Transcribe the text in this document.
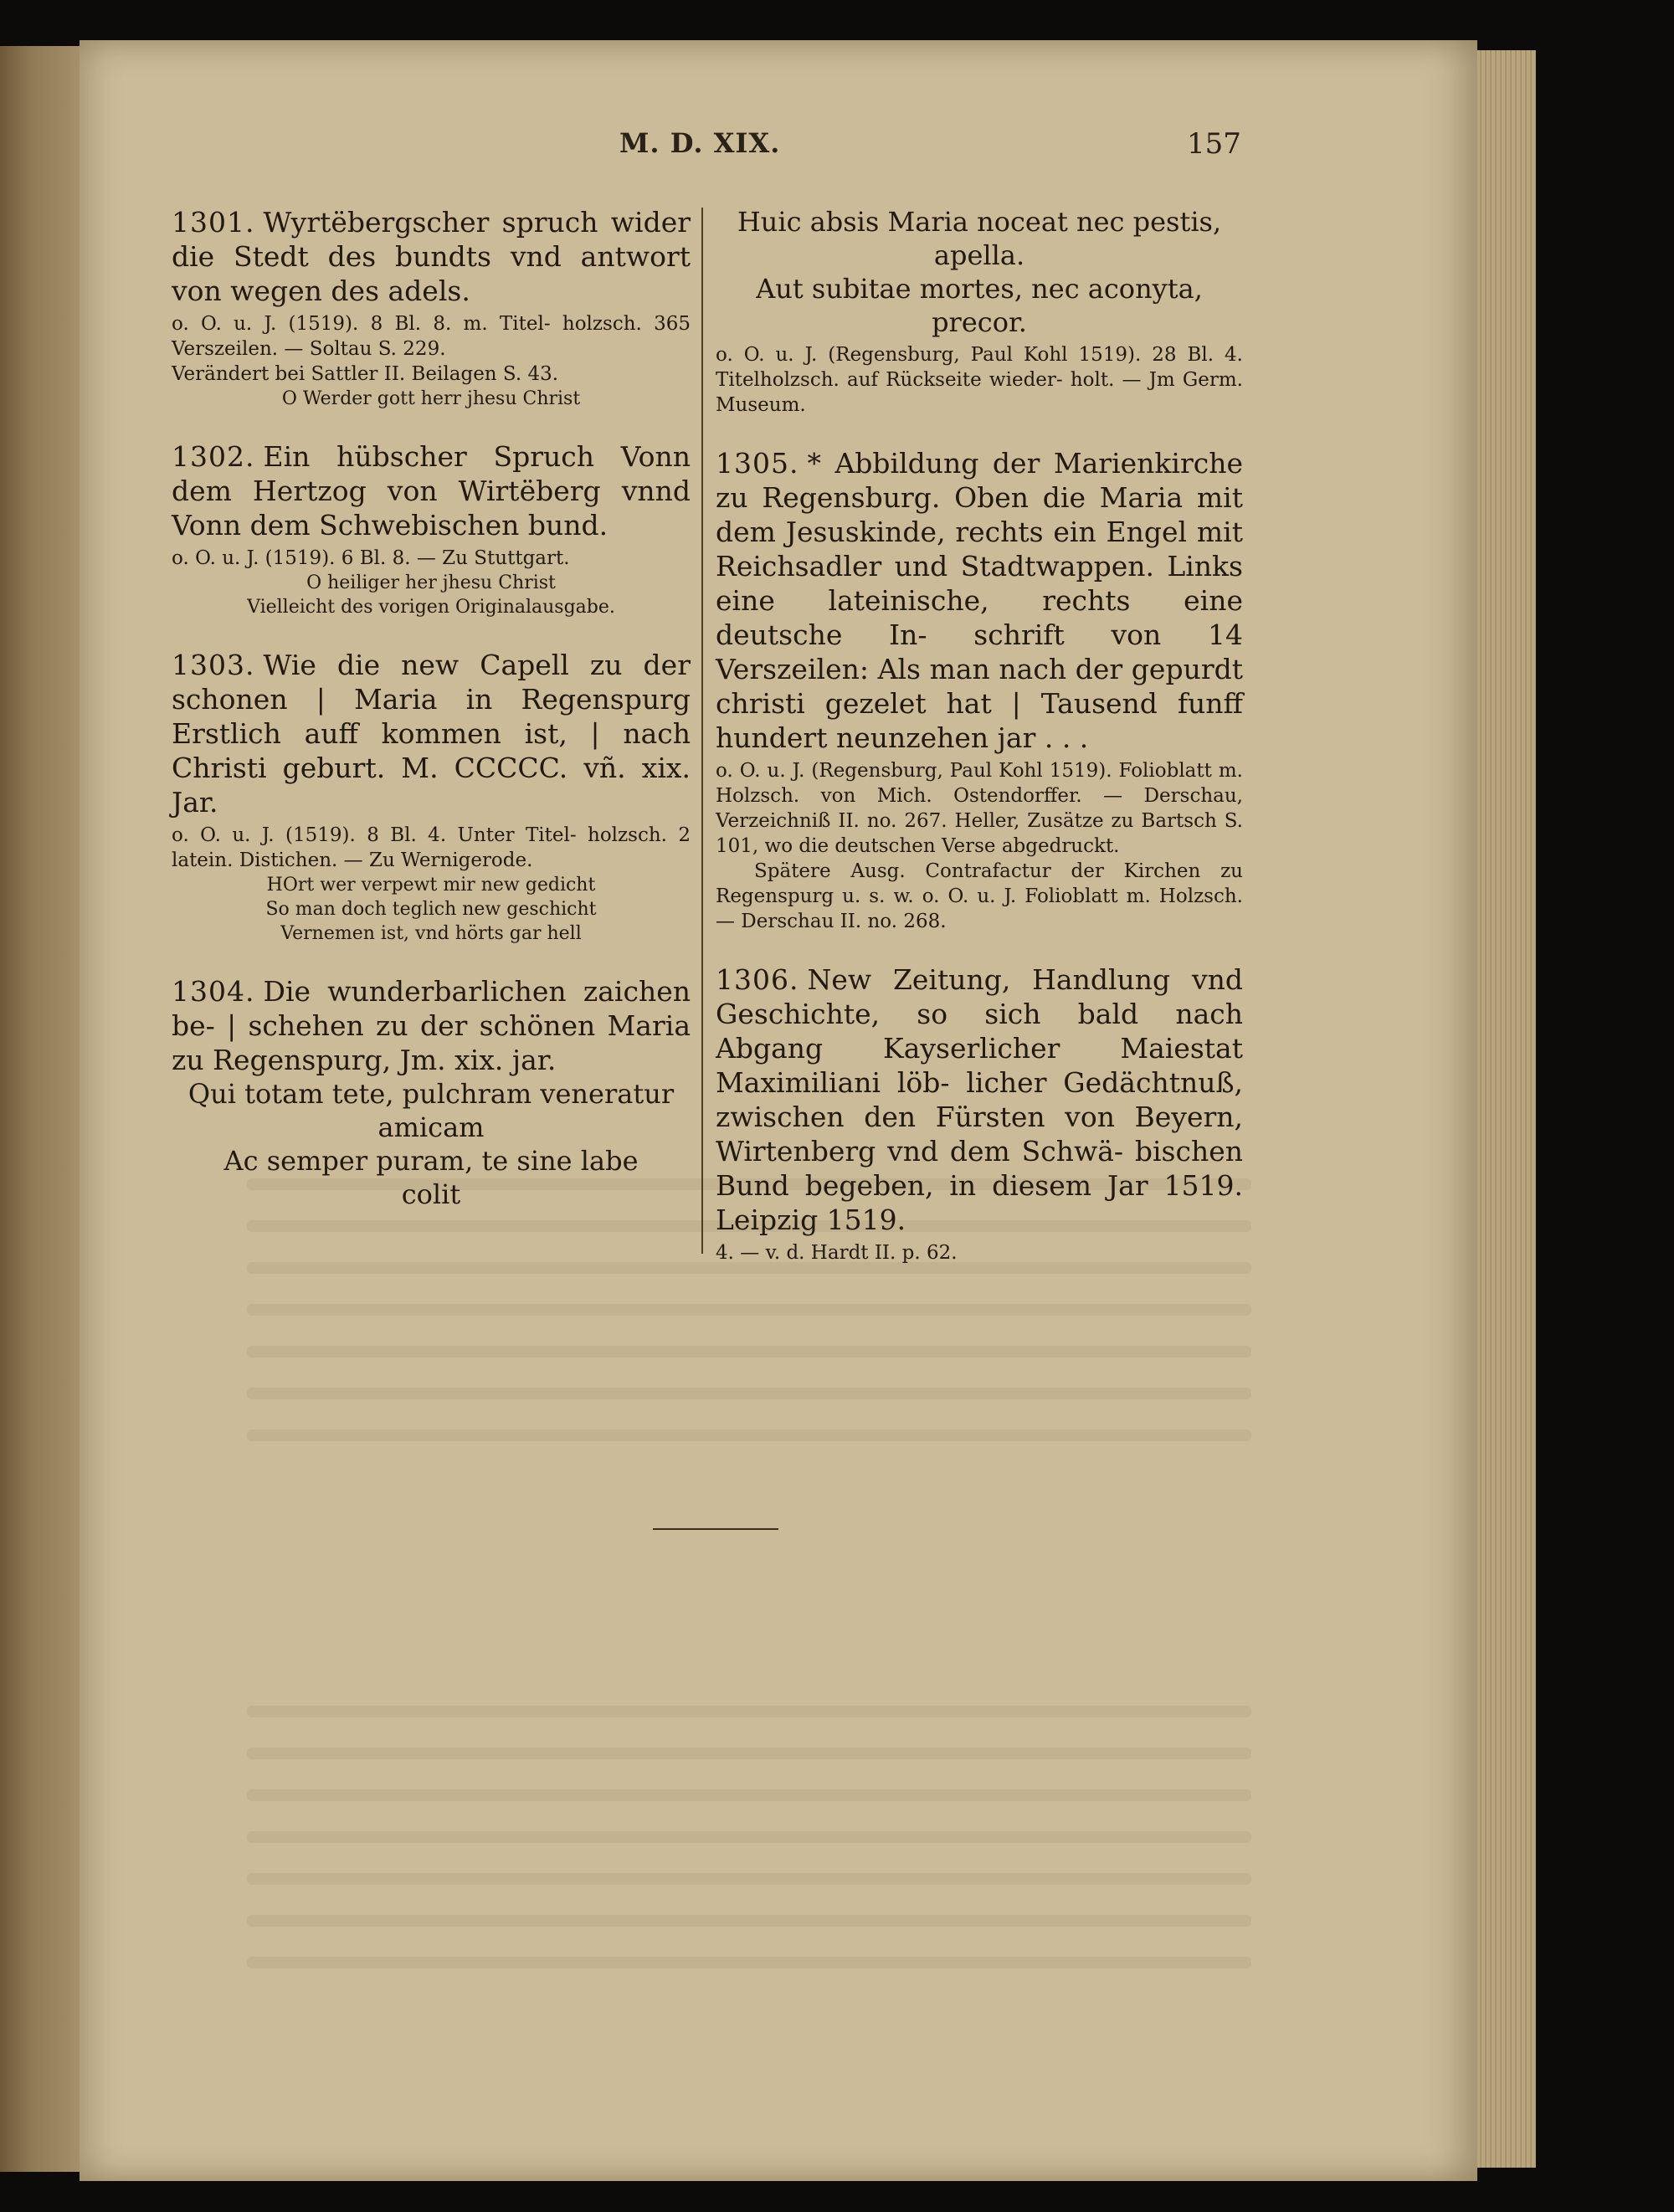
M. D. XIX.	157

1301. Wyrtëbergscher spruch wider die Stedt des bundts vnd antwort von wegen des adels.

o. O. u. J. (1519). 8 Bl. 8. m. Titel- holzsch. 365 Verszeilen. — Soltau S. 229.

Verändert bei Sattler II. Beilagen S. 43.

O Werder gott herr jhesu Christ

1302. Ein hübscher Spruch Vonn dem Hertzog von Wirtëberg vnnd Vonn dem Schwebischen bund.

o. O. u. J. (1519). 6 Bl. 8. — Zu Stuttgart.

O heiliger her jhesu Christ

Vielleicht des vorigen Originalausgabe.

1303. Wie die new Capell zu der schonen | Maria in Regenspurg Erstlich auff kommen ist, | nach Christi geburt. M. CCCCC. vñ. xix. Jar.

o. O. u. J. (1519). 8 Bl. 4. Unter Titel- holzsch. 2 latein. Distichen. — Zu Wernigerode.

HOrt wer verpewt mir new gedicht

So man doch teglich new geschicht

Vernemen ist, vnd hörts gar hell

1304. Die wunderbarlichen zaichen be- | schehen zu der schönen Maria zu Regenspurg, Jm. xix. jar.

Qui totam tete, pulchram veneratur

amicam

Ac semper puram, te sine labe

colit

Huic absis Maria noceat nec pestis,

apella.

Aut subitae mortes, nec aconyta,

precor.

o. O. u. J. (Regensburg, Paul Kohl 1519). 28 Bl. 4. Titelholzsch. auf Rückseite wieder- holt. — Jm Germ. Museum.

1305. * Abbildung der Marienkirche zu Regensburg. Oben die Maria mit dem Jesuskinde, rechts ein Engel mit Reichsadler und Stadtwappen. Links eine lateinische, rechts eine deutsche In- schrift von 14 Verszeilen: Als man nach der gepurdt christi gezelet hat | Tausend funff hundert neunzehen jar . . .

o. O. u. J. (Regensburg, Paul Kohl 1519). Folioblatt m. Holzsch. von Mich. Ostendorffer. — Derschau, Verzeichniß II. no. 267. Heller, Zusätze zu Bartsch S. 101, wo die deutschen Verse abgedruckt.

Spätere Ausg. Contrafactur der Kirchen zu Regenspurg u. s. w. o. O. u. J. Folioblatt m. Holzsch. — Derschau II. no. 268.

1306. New Zeitung, Handlung vnd Geschichte, so sich bald nach Abgang Kayserlicher Maiestat Maximiliani löb- licher Gedächtnuß, zwischen den Fürsten von Beyern, Wirtenberg vnd dem Schwä- bischen Bund begeben, in diesem Jar 1519. Leipzig 1519.

4. — v. d. Hardt II. p. 62.
